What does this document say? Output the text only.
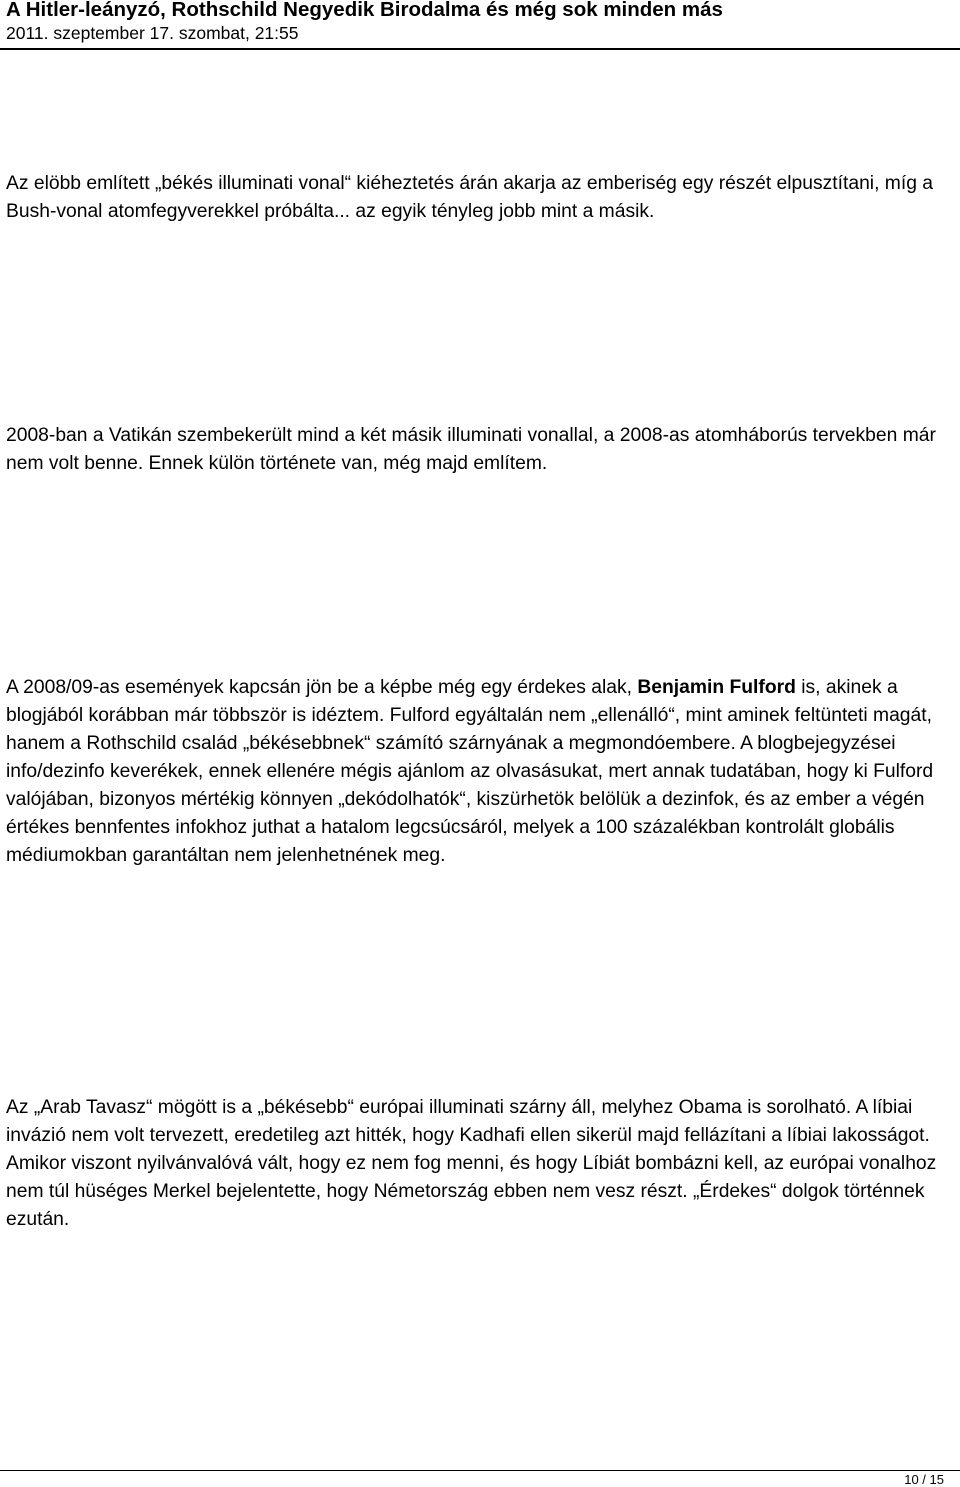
A Hitler-leányzó, Rothschild Negyedik Birodalma és még sok minden más
2011. szeptember 17. szombat, 21:55

Az elöbb említett „békés illuminati vonal“ kiéheztetés árán akarja az emberiség egy részét elpusztítani, míg a Bush-vonal atomfegyverekkel próbálta... az egyik tényleg jobb mint a másik.

2008-ban a Vatikán szembekerült mind a két másik illuminati vonallal, a 2008-as atomháborús tervekben már nem volt benne. Ennek külön története van, még majd említem.

A 2008/09-as események kapcsán jön be a képbe még egy érdekes alak, Benjamin Fulford is, akinek a blogjából korábban már többször is idéztem. Fulford egyáltalán nem „ellenálló“, mint aminek feltünteti magát, hanem a Rothschild család „békésebbnek“ számító szárnyának a megmondóembere. A blogbejegyzései info/dezinfo keverékek, ennek ellenére mégis ajánlom az olvasásukat, mert annak tudatában, hogy ki Fulford valójában, bizonyos mértékig könnyen „dekódolhatók“, kiszürhetök belölük a dezinfok, és az ember a végén értékes bennfentes infokhoz juthat a hatalom legcsúcsáról, melyek a 100 százalékban kontrolált globális médiumokban garantáltan nem jelenhetnének meg.

Az „Arab Tavasz“ mögött is a „békésebb“ európai illuminati szárny áll, melyhez Obama is sorolható. A líbiai invázió nem volt tervezett, eredetileg azt hitték, hogy Kadhafi ellen sikerül majd fellázítani a líbiai lakosságot. Amikor viszont nyilvánvalóvá vált, hogy ez nem fog menni, és hogy Líbiát bombázni kell, az európai vonalhoz nem túl hüséges Merkel bejelentette, hogy Németország ebben nem vesz részt. „Érdekes“ dolgok történnek ezután.

10 / 15
